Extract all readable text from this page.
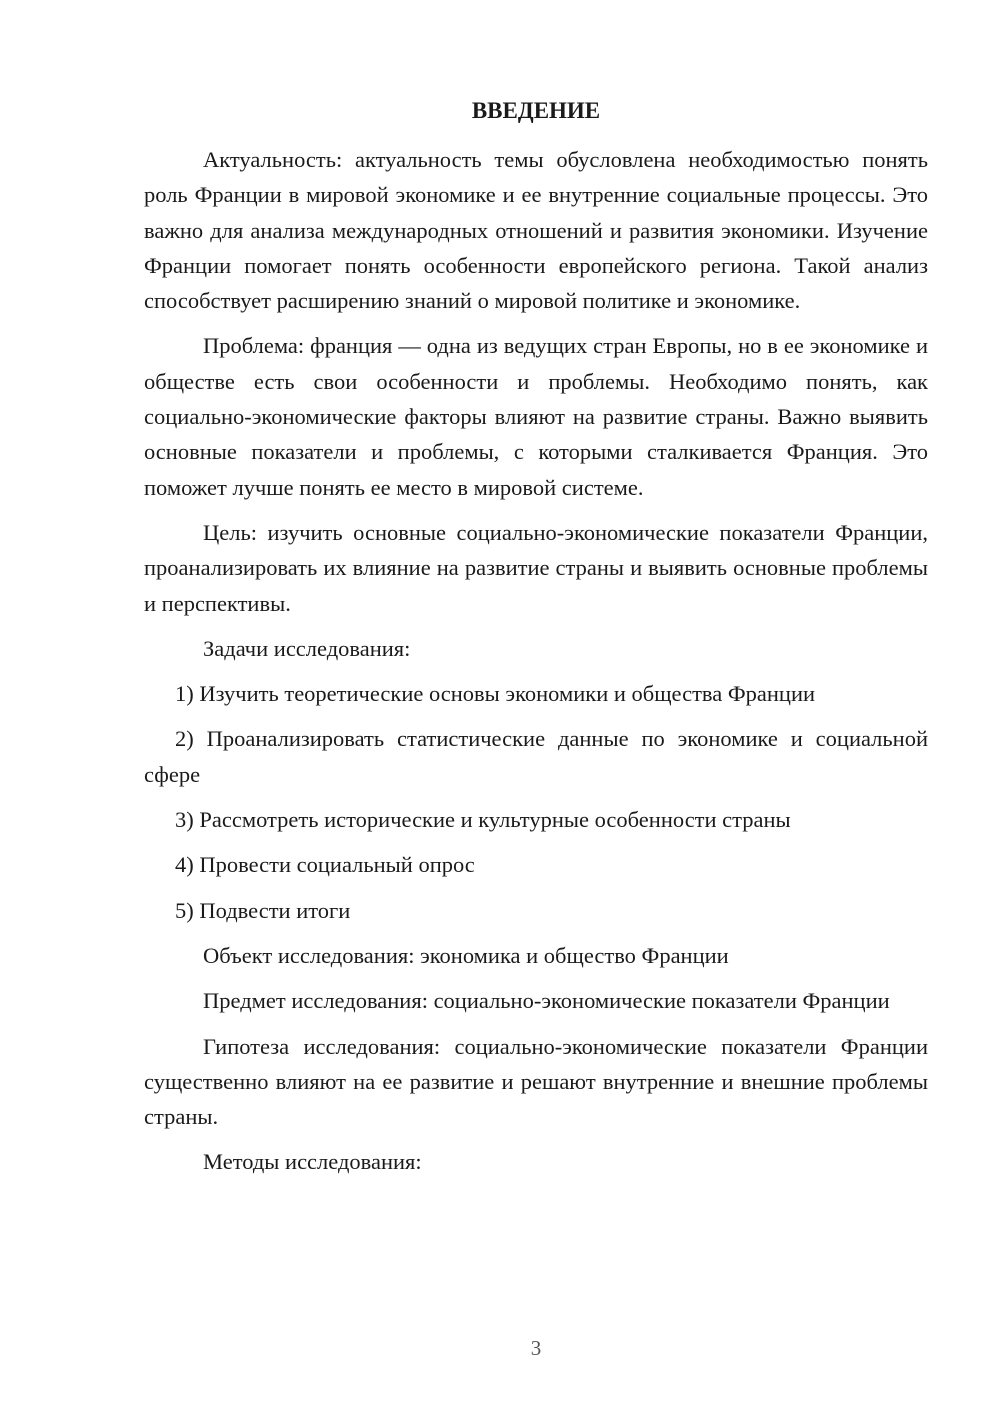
ВВЕДЕНИЕ

Актуальность: актуальность темы обусловлена необходимостью понять роль Франции в мировой экономике и ее внутренние социальные процессы. Это важно для анализа международных отношений и развития экономики. Изучение Франции помогает понять особенности европейского региона. Такой анализ способствует расширению знаний о мировой политике и экономике.

Проблема: франция — одна из ведущих стран Европы, но в ее экономике и обществе есть свои особенности и проблемы. Необходимо понять, как социально-экономические факторы влияют на развитие страны. Важно выявить основные показатели и проблемы, с которыми сталкивается Франция. Это поможет лучше понять ее место в мировой системе.

Цель: изучить основные социально-экономические показатели Франции, проанализировать их влияние на развитие страны и выявить основные проблемы и перспективы.

Задачи исследования:

1) Изучить теоретические основы экономики и общества Франции

2) Проанализировать статистические данные по экономике и социальной сфере

3) Рассмотреть исторические и культурные особенности страны

4) Провести социальный опрос

5) Подвести итоги

Объект исследования: экономика и общество Франции

Предмет исследования: социально-экономические показатели Франции

Гипотеза исследования: социально-экономические показатели Франции существенно влияют на ее развитие и решают внутренние и внешние проблемы страны.

Методы исследования:

3
